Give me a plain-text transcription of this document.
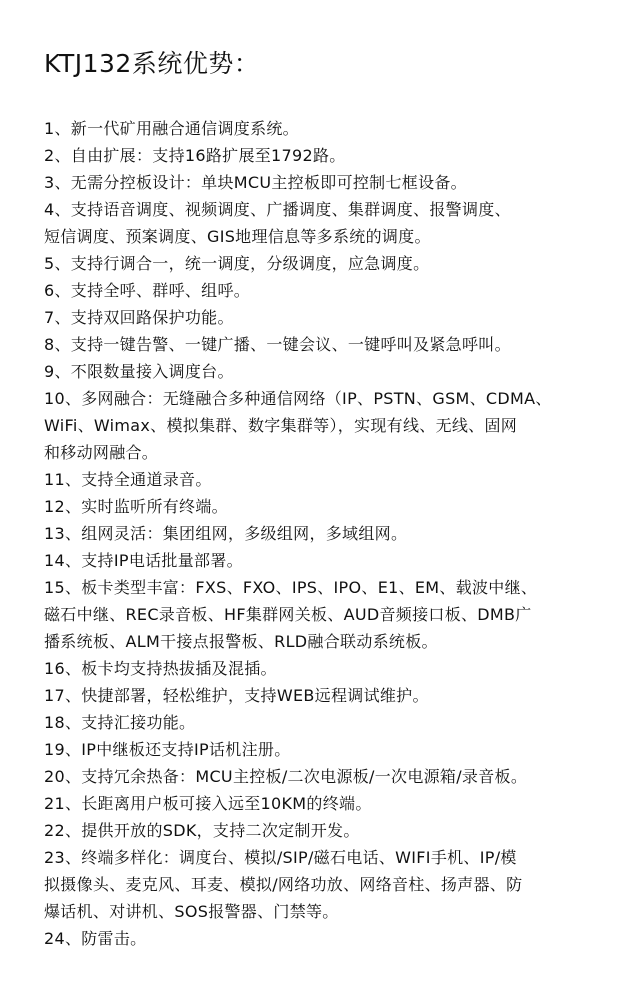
KTJ132系统优势：
1、新一代矿用融合通信调度系统。
2、自由扩展：支持16路扩展至1792路。
3、无需分控板设计：单块MCU主控板即可控制七框设备。
4、支持语音调度、视频调度、广播调度、集群调度、报警调度、
短信调度、预案调度、GIS地理信息等多系统的调度。
5、支持行调合一，统一调度，分级调度，应急调度。
6、支持全呼、群呼、组呼。
7、支持双回路保护功能。
8、支持一键告警、一键广播、一键会议、一键呼叫及紧急呼叫。
9、不限数量接入调度台。
10、多网融合：无缝融合多种通信网络（IP、PSTN、GSM、CDMA、
WiFi、Wimax、模拟集群、数字集群等），实现有线、无线、固网
和移动网融合。
11、支持全通道录音。
12、实时监听所有终端。
13、组网灵活：集团组网，多级组网，多域组网。
14、支持IP电话批量部署。
15、板卡类型丰富：FXS、FXO、IPS、IPO、E1、EM、载波中继、
磁石中继、REC录音板、HF集群网关板、AUD音频接口板、DMB广
播系统板、ALM干接点报警板、RLD融合联动系统板。
16、板卡均支持热拔插及混插。
17、快捷部署，轻松维护，支持WEB远程调试维护。
18、支持汇接功能。
19、IP中继板还支持IP话机注册。
20、支持冗余热备：MCU主控板/二次电源板/一次电源箱/录音板。
21、长距离用户板可接入远至10KM的终端。
22、提供开放的SDK，支持二次定制开发。
23、终端多样化：调度台、模拟/SIP/磁石电话、WIFI手机、IP/模
拟摄像头、麦克风、耳麦、模拟/网络功放、网络音柱、扬声器、防
爆话机、对讲机、SOS报警器、门禁等。
24、防雷击。
